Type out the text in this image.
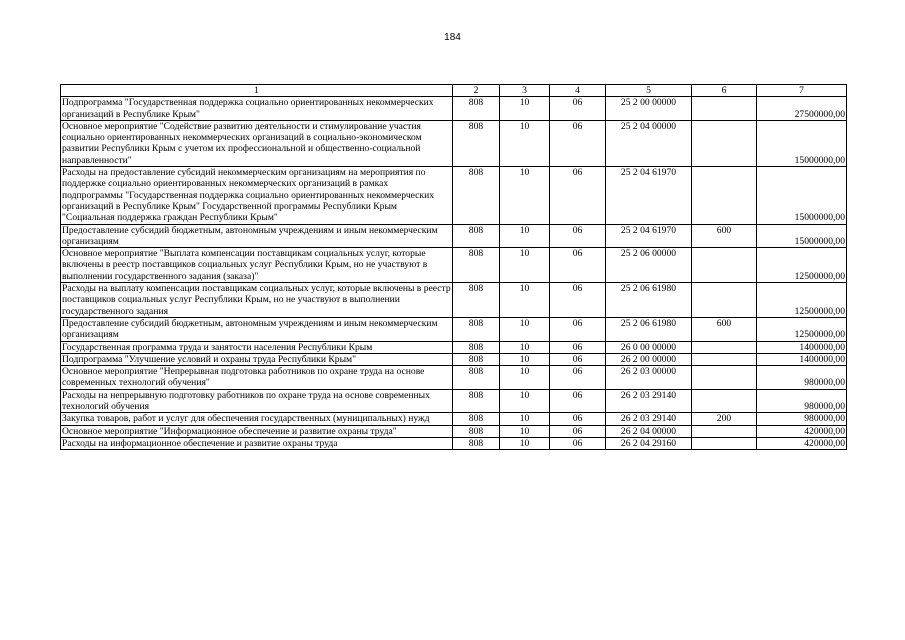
184
1	2	3	4	5	6	7
Подпрограмма "Государственная поддержка социально ориентированных некоммерческих организаций в Республике Крым"	808	10	06	25 2 00 00000		27500000,00
Основное мероприятие "Содействие развитию деятельности и стимулирование участия социально ориентированных некоммерческих организаций в социально-экономическом развитии Республики Крым с учетом их профессиональной и общественно-социальной направленности"	808	10	06	25 2 04 00000		15000000,00
Расходы на предоставление субсидий некоммерческим организациям на мероприятия по поддержке социально ориентированных некоммерческих организаций в рамках подпрограммы "Государственная поддержка социально ориентированных некоммерческих организаций в Республике Крым" Государственной программы Республики Крым "Социальная поддержка граждан Республики Крым"	808	10	06	25 2 04 61970		15000000,00
Предоставление субсидий бюджетным, автономным учреждениям и иным некоммерческим организациям	808	10	06	25 2 04 61970	600	15000000,00
Основное мероприятие "Выплата компенсации поставщикам социальных услуг, которые включены в реестр поставщиков социальных услуг Республики Крым, но не участвуют в выполнении государственного задания (заказа)"	808	10	06	25 2 06 00000		12500000,00
Расходы на выплату компенсации поставщикам социальных услуг, которые включены в реестр поставщиков социальных услуг Республики Крым, но не участвуют в выполнении государственного задания	808	10	06	25 2 06 61980		12500000,00
Предоставление субсидий бюджетным, автономным учреждениям и иным некоммерческим организациям	808	10	06	25 2 06 61980	600	12500000,00
Государственная программа труда и занятости населения Республики Крым	808	10	06	26 0 00 00000		1400000,00
Подпрограмма "Улучшение условий и охраны труда Республики Крым"	808	10	06	26 2 00 00000		1400000,00
Основное мероприятие "Непрерывная подготовка работников по охране труда на основе современных технологий обучения"	808	10	06	26 2 03 00000		980000,00
Расходы на непрерывную подготовку работников по охране труда на основе современных технологий обучения	808	10	06	26 2 03 29140		980000,00
Закупка товаров, работ и услуг для обеспечения государственных (муниципальных) нужд	808	10	06	26 2 03 29140	200	980000,00
Основное мероприятие "Информационное обеспечение и развитие охраны труда"	808	10	06	26 2 04 00000		420000,00
Расходы на информационное обеспечение и развитие охраны труда	808	10	06	26 2 04 29160		420000,00
